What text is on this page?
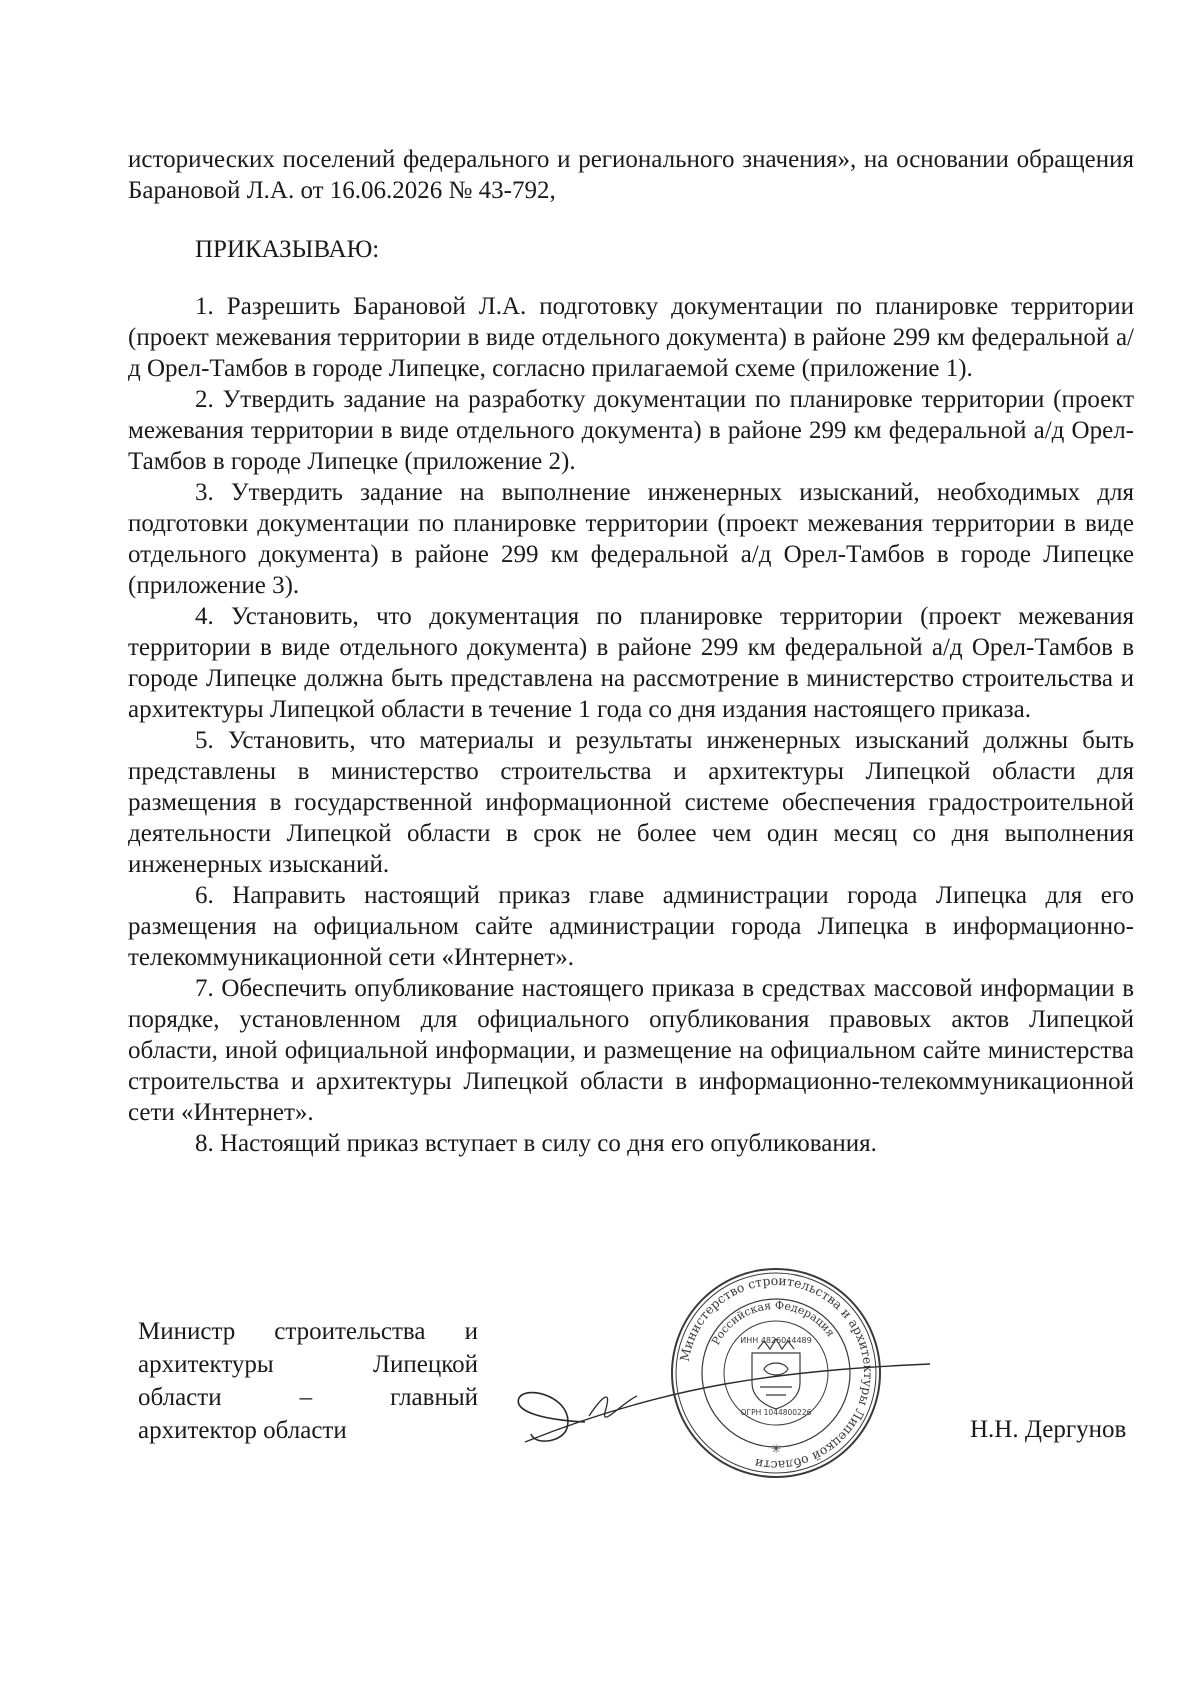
исторических поселений федерального и регионального значения», на основании обращения Барановой Л.А. от 16.06.2026 № 43-792,

ПРИКАЗЫВАЮ:

1. Разрешить Барановой Л.А. подготовку документации по планировке территории (проект межевания территории в виде отдельного документа) в районе 299 км федеральной а/д Орел-Тамбов в городе Липецке, согласно прилагаемой схеме (приложение 1).
2. Утвердить задание на разработку документации по планировке территории (проект межевания территории в виде отдельного документа) в районе 299 км федеральной а/д Орел-Тамбов в городе Липецке (приложение 2).
3. Утвердить задание на выполнение инженерных изысканий, необходимых для подготовки документации по планировке территории (проект межевания территории в виде отдельного документа) в районе 299 км федеральной а/д Орел-Тамбов в городе Липецке (приложение 3).
4. Установить, что документация по планировке территории (проект межевания территории в виде отдельного документа) в районе 299 км федеральной а/д Орел-Тамбов в городе Липецке должна быть представлена на рассмотрение в министерство строительства и архитектуры Липецкой области в течение 1 года со дня издания настоящего приказа.
5. Установить, что материалы и результаты инженерных изысканий должны быть представлены в министерство строительства и архитектуры Липецкой области для размещения в государственной информационной системе обеспечения градостроительной деятельности Липецкой области в срок не более чем один месяц со дня выполнения инженерных изысканий.
6. Направить настоящий приказ главе администрации города Липецка для его размещения на официальном сайте администрации города Липецка в информационно-телекоммуникационной сети «Интернет».
7. Обеспечить опубликование настоящего приказа в средствах массовой информации в порядке, установленном для официального опубликования правовых актов Липецкой области, иной официальной информации, и размещение на официальном сайте министерства строительства и архитектуры Липецкой области в информационно-телекоммуникационной сети «Интернет».
8. Настоящий приказ вступает в силу со дня его опубликования.

Министр строительства и

архитектуры Липецкой

области – главный

архитектор области

Министерство строительства и архитектуры Липецкой области
Российская Федерация
ИНН 4826044489
ОГРН 1044800226
✳
Н.Н. Дергунов
